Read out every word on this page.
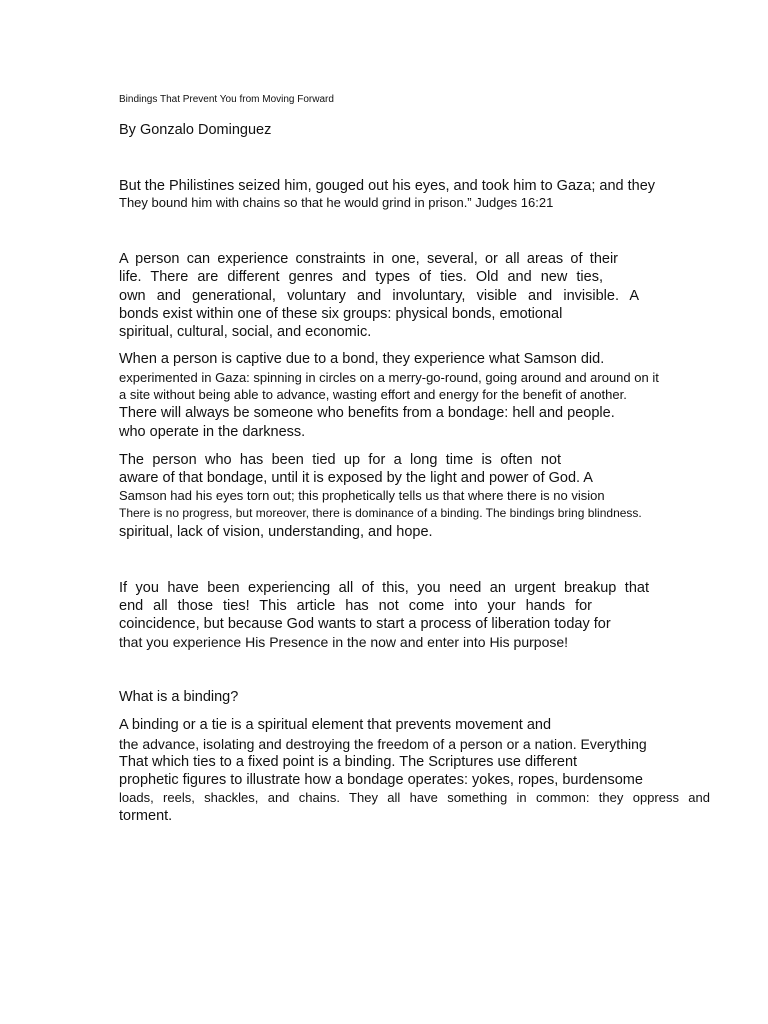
Bindings That Prevent You from Moving Forward
By Gonzalo Dominguez
But the Philistines seized him, gouged out his eyes, and took him to Gaza; and they
They bound him with chains so that he would grind in prison.” Judges 16:21
A person can experience constraints in one, several, or all areas of their
life. There are different genres and types of ties. Old and new ties,
own and generational, voluntary and involuntary, visible and invisible. A
bonds exist within one of these six groups: physical bonds, emotional
spiritual, cultural, social, and economic.
When a person is captive due to a bond, they experience what Samson did.
experimented in Gaza: spinning in circles on a merry-go-round, going around and around on it
a site without being able to advance, wasting effort and energy for the benefit of another.
There will always be someone who benefits from a bondage: hell and people.
who operate in the darkness.
The person who has been tied up for a long time is often not
aware of that bondage, until it is exposed by the light and power of God. A
Samson had his eyes torn out; this prophetically tells us that where there is no vision
There is no progress, but moreover, there is dominance of a binding. The bindings bring blindness.
spiritual, lack of vision, understanding, and hope.
If you have been experiencing all of this, you need an urgent breakup that
end all those ties! This article has not come into your hands for
coincidence, but because God wants to start a process of liberation today for
that you experience His Presence in the now and enter into His purpose!
What is a binding?
A binding or a tie is a spiritual element that prevents movement and
the advance, isolating and destroying the freedom of a person or a nation. Everything
That which ties to a fixed point is a binding. The Scriptures use different
prophetic figures to illustrate how a bondage operates: yokes, ropes, burdensome
loads, reels, shackles, and chains. They all have something in common: they oppress and
torment.
